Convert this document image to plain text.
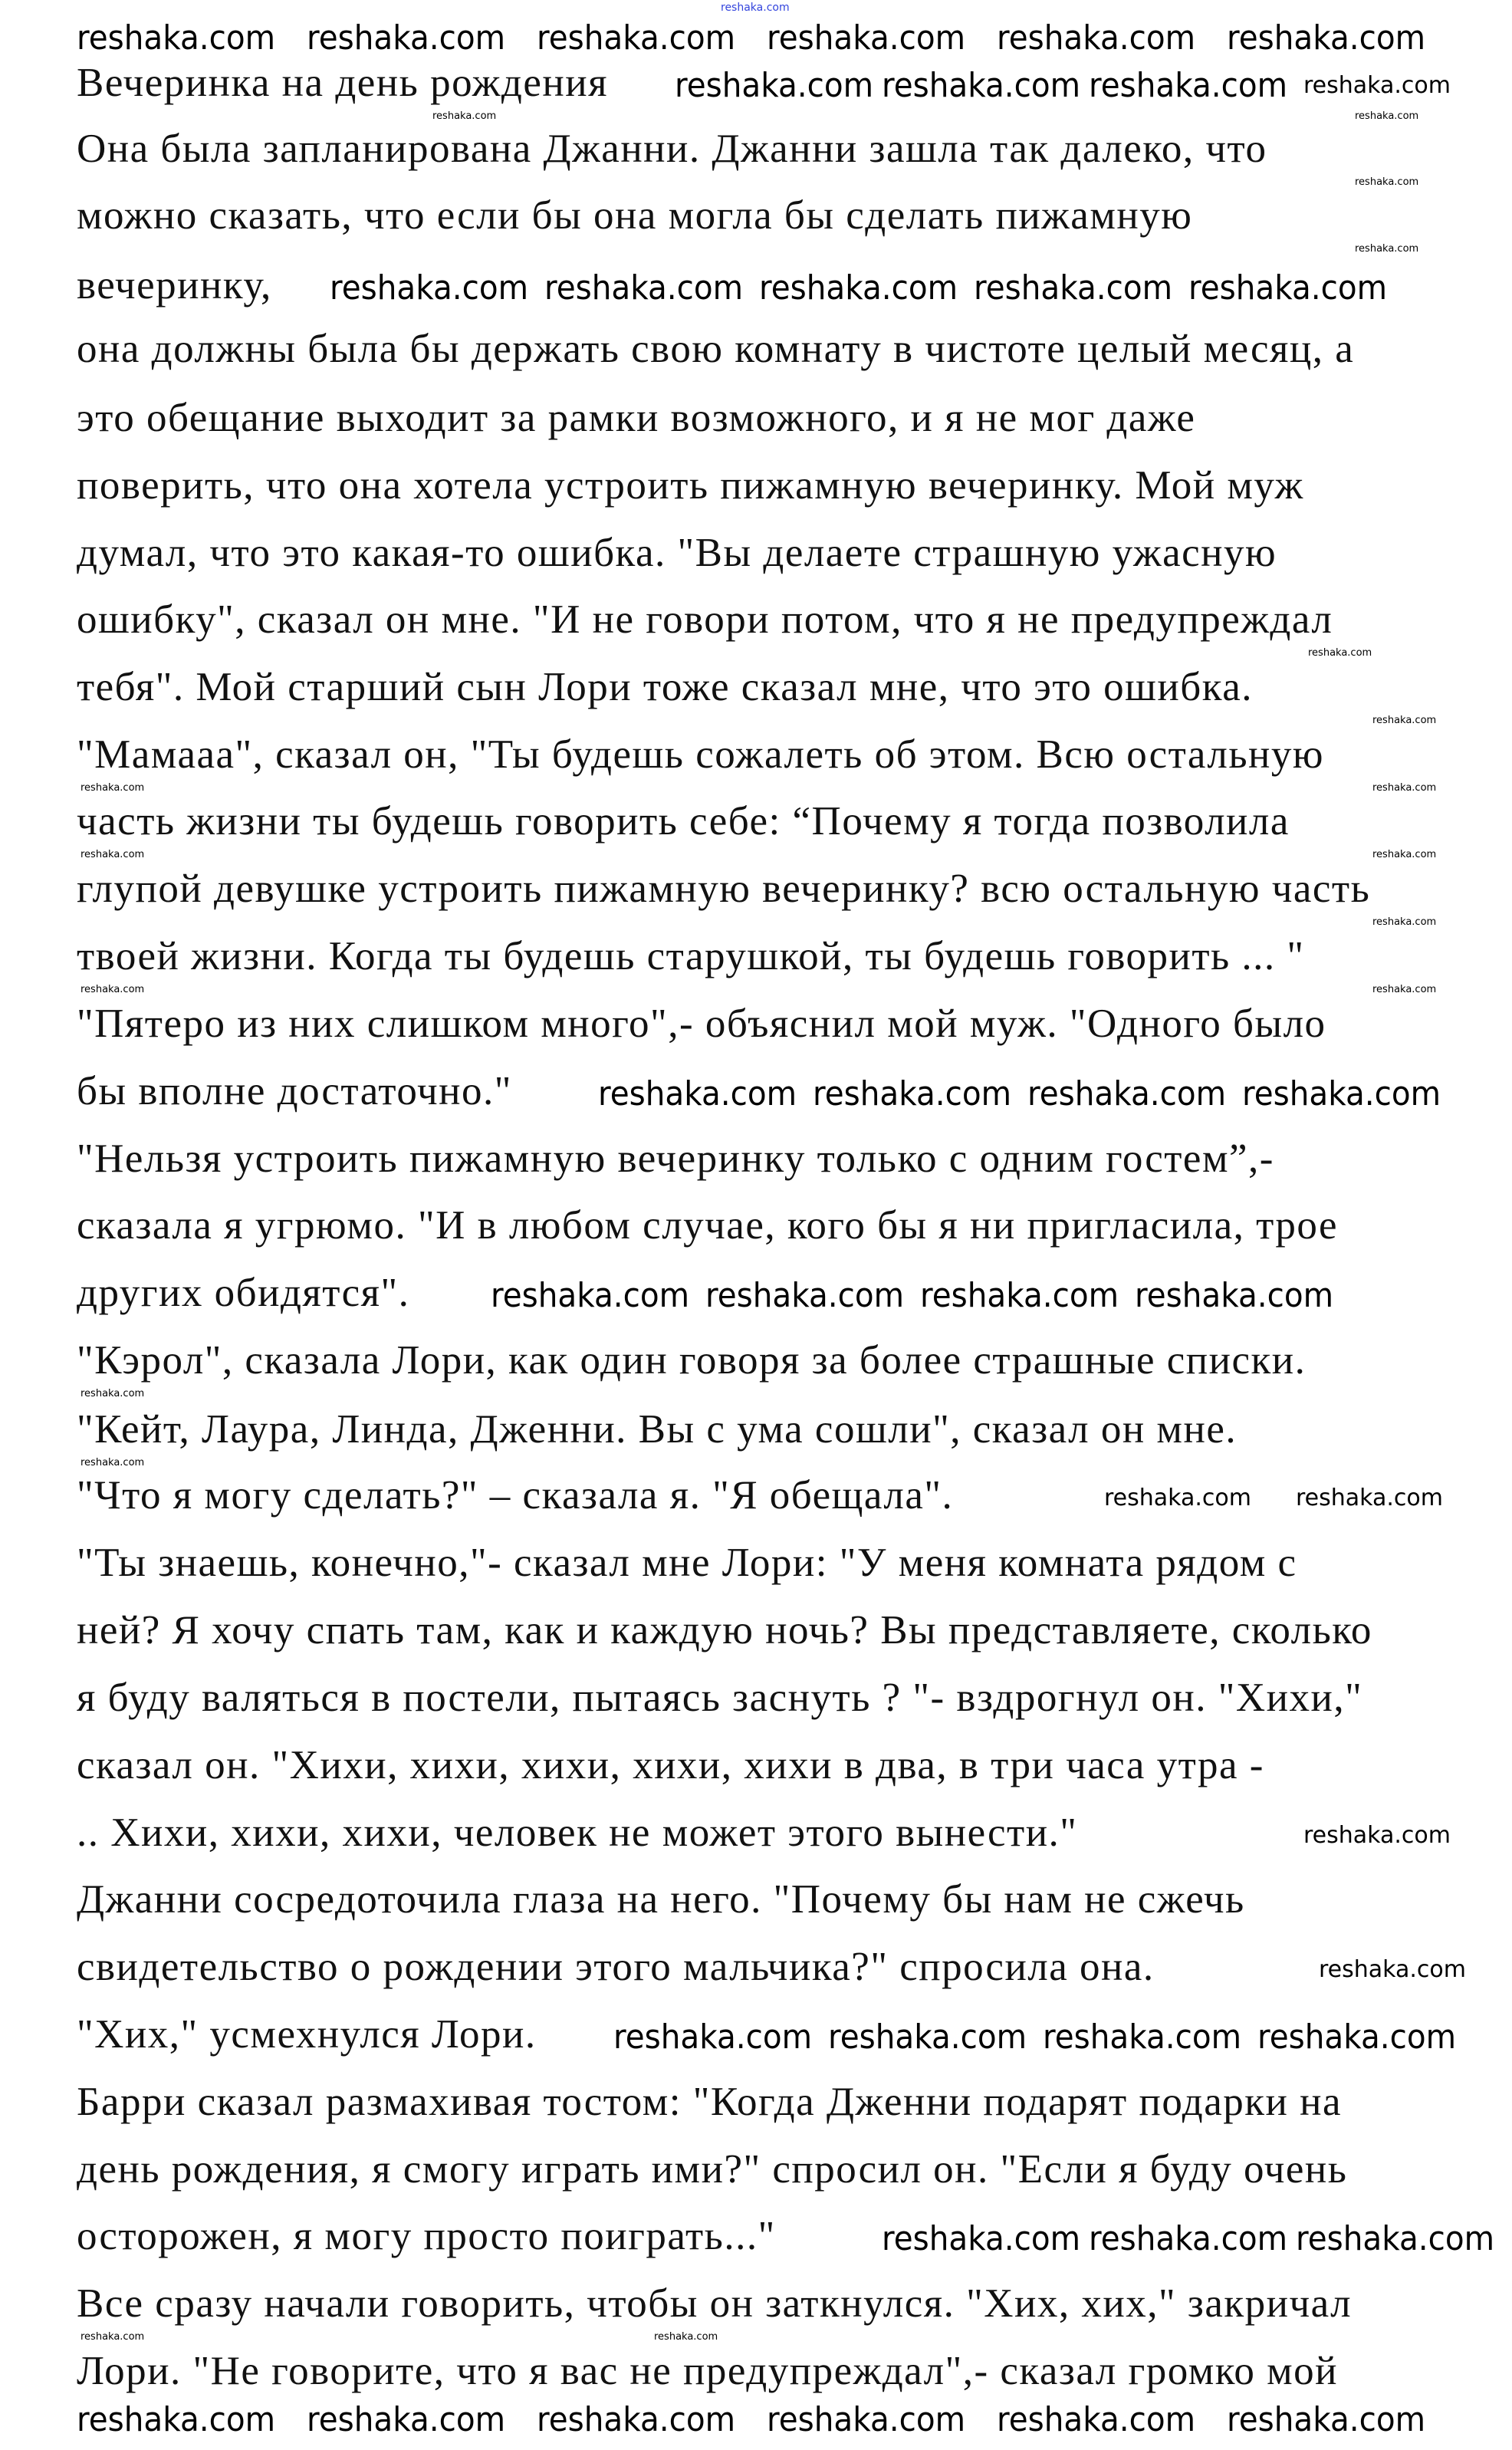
reshaka.com
Вечеринка на день рождения
Она была запланирована Джанни. Джанни зашла так далеко, что
можно сказать, что если бы она могла бы сделать пижамную
вечеринку,
она должны была бы держать свою комнату в чистоте целый месяц, а
это обещание выходит за рамки возможного, и я не мог даже
поверить, что она хотела устроить пижамную вечеринку. Мой муж
думал, что это какая-то ошибка. "Вы делаете страшную ужасную
ошибку", сказал он мне. "И не говори потом, что я не предупреждал
тебя". Мой старший сын Лори тоже сказал мне, что это ошибка.
"Мамааа", сказал он, "Ты будешь сожалеть об этом. Всю остальную
часть жизни ты будешь говорить себе: “Почему я тогда позволила
глупой девушке устроить пижамную вечеринку? всю остальную часть
твоей жизни. Когда ты будешь старушкой, ты будешь говорить ... "
"Пятеро из них слишком много",- объяснил мой муж. "Одного было
бы вполне достаточно."
"Нельзя устроить пижамную вечеринку только с одним гостем”,-
сказала я угрюмо. "И в любом случае, кого бы я ни пригласила, трое
других обидятся".
"Кэрол", сказала Лори, как один говоря за более страшные списки.
"Кейт, Лаура, Линда, Дженни. Вы с ума сошли", сказал он мне.
"Что я могу сделать?" – сказала я. "Я обещала".
"Ты знаешь, конечно,"- сказал мне Лори: "У меня комната рядом с
ней? Я хочу спать там, как и каждую ночь? Вы представляете, сколько
я буду валяться в постели, пытаясь заснуть ? "- вздрогнул он. "Хихи,"
сказал он. "Хихи, хихи, хихи, хихи, хихи в два, в три часа утра -
.. Хихи, хихи, хихи, человек не может этого вынести."
Джанни сосредоточила глаза на него. "Почему бы нам не сжечь
свидетельство о рождении этого мальчика?" спросила она.
"Хих," усмехнулся Лори.
Барри сказал размахивая тостом: "Когда Дженни подарят подарки на
день рождения, я смогу играть ими?" спросил он. "Если я буду очень
осторожен, я могу просто поиграть..."
Все сразу начали говорить, чтобы он заткнулся. "Хих, хих," закричал
Лори. "Не говорите, что я вас не предупреждал",- сказал громко мой
reshaka.com
reshaka.com
reshaka.com
reshaka.com
reshaka.com
reshaka.com
reshaka.com
reshaka.com
reshaka.com
reshaka.com
reshaka.com
reshaka.com
reshaka.com reshaka.com reshaka.com reshaka.com
reshaka.com reshaka.com reshaka.com reshaka.com reshaka.com
reshaka.com reshaka.com reshaka.com reshaka.com
reshaka.com reshaka.com reshaka.com reshaka.com
reshaka.com reshaka.com reshaka.com reshaka.com
reshaka.com reshaka.com reshaka.com
reshaka.com reshaka.com
reshaka.com
reshaka.com
reshaka.com	reshaka.com
reshaka.com
reshaka.com
reshaka.com
reshaka.com
reshaka.com
reshaka.com
reshaka.com
reshaka.com
reshaka.com
reshaka.com
reshaka.com
reshaka.com
reshaka.com
reshaka.com	reshaka.com
